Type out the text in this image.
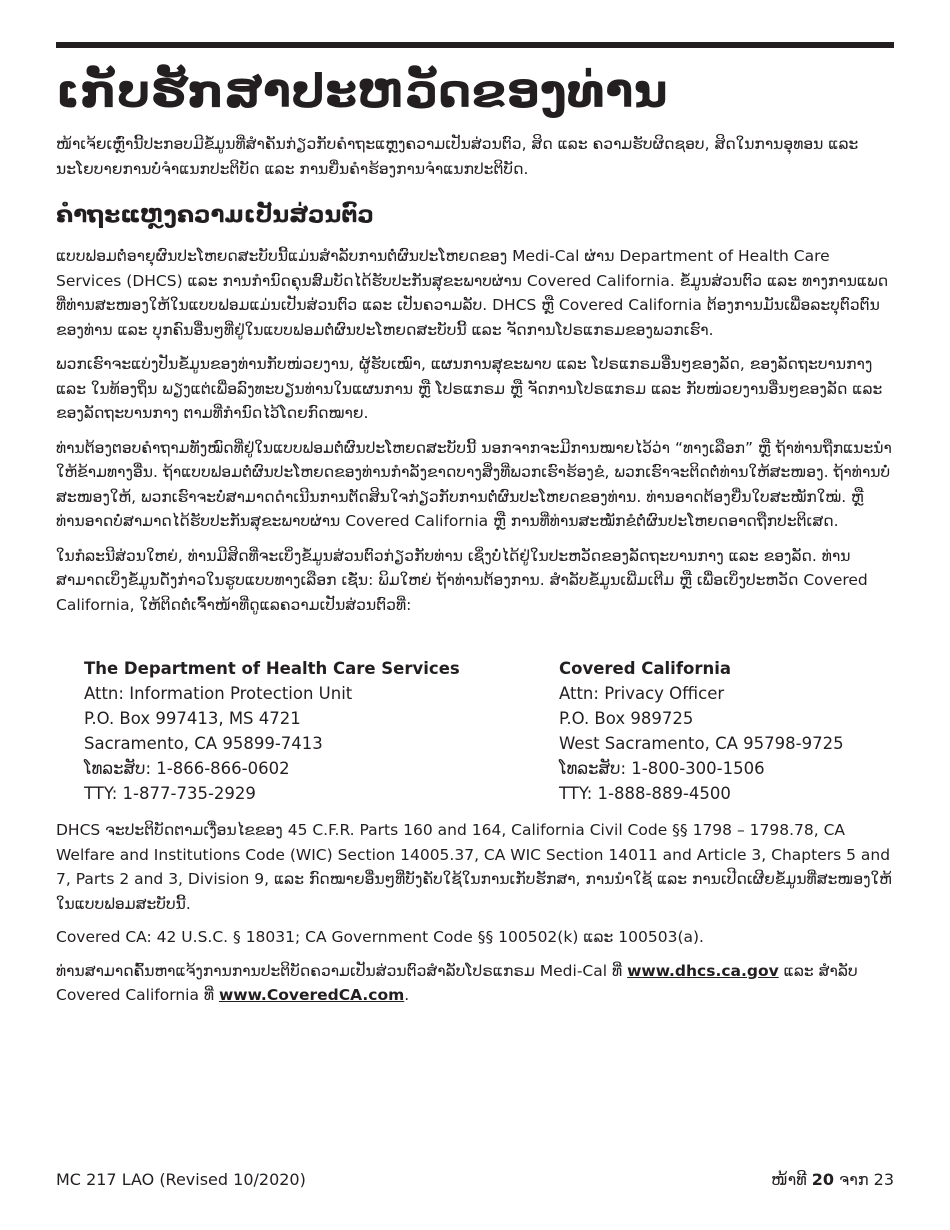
ເກັບຮັກສາປະຫວັດຂອງທ່ານ

ໜ້າເຈ້ຍເຫຼົ່ານີ້ປະກອບມີຂໍ້ມູນທີ່ສຳຄັນກ່ຽວກັບຄຳຖະແຫຼງຄວາມເປັນສ່ວນຕົວ, ສິດ ແລະ ຄວາມຮັບຜິດຊອບ, ສິດໃນການອຸທອນ ແລະ ນະໂຍບາຍການບໍ່ຈຳແນກປະຕິບັດ ແລະ ການຍື່ນຄຳຮ້ອງການຈຳແນກປະຕິບັດ.

ຄຳຖະແຫຼງຄວາມເປັນສ່ວນຕົວ

ແບບຟອມຕໍ່ອາຍຸຜົນປະໂຫຍດສະບັບນີ້ແມ່ນສຳລັບການຕໍ່ຜົນປະໂຫຍດຂອງ Medi-Cal ຜ່ານ Department of Health Care Services (DHCS) ແລະ ການກຳນົດຄຸນສົມບັດໄດ້ຮັບປະກັນສຸຂະພາບຜ່ານ Covered California. ຂໍ້ມູນສ່ວນຕົວ ແລະ ທາງການແພດທີ່ທ່ານສະໜອງໃຫ້ໃນແບບຟອມແມ່ນເປັນສ່ວນຕົວ ແລະ ເປັນຄວາມລັບ. DHCS ຫຼື Covered California ຕ້ອງການມັນເພື່ອລະບຸຕົວຕົນຂອງທ່ານ ແລະ ບຸກຄົນອື່ນໆທີ່ຢູ່ໃນແບບຟອມຕໍ່ຜົນປະໂຫຍດສະບັບນີ້ ແລະ ຈັດການໂປຣແກຣມຂອງພວກເຮົາ.

ພວກເຮົາຈະແບ່ງປັນຂໍ້ມູນຂອງທ່ານກັບໜ່ວຍງານ, ຜູ້ຮັບເໝົາ, ແຜນການສຸຂະພາບ ແລະ ໂປຣແກຣມອື່ນໆຂອງລັດ, ຂອງລັດຖະບານກາງ ແລະ ໃນທ້ອງຖິ່ນ ພຽງແຕ່ເພື່ອລົງທະບຽນທ່ານໃນແຜນການ ຫຼື ໂປຣແກຣມ ຫຼື ຈັດການໂປຣແກຣມ ແລະ ກັບໜ່ວຍງານອື່ນໆຂອງລັດ ແລະ ຂອງລັດຖະບານກາງ ຕາມທີ່ກຳນົດໄວ້ໂດຍກົດໝາຍ.

ທ່ານຕ້ອງຕອບຄຳຖາມທັງໝົດທີ່ຢູ່ໃນແບບຟອມຕໍ່ຜົນປະໂຫຍດສະບັບນີ້ ນອກຈາກຈະມີການໝາຍໄວ້ວ່າ “ທາງເລືອກ” ຫຼື ຖ້າທ່ານຖືກແນະນຳໃຫ້ຂ້າມທາງອື່ນ. ຖ້າແບບຟອມຕໍ່ຜົນປະໂຫຍດຂອງທ່ານກຳລັງຂາດບາງສິ່ງທີ່ພວກເຮົາຮ້ອງຂໍ, ພວກເຮົາຈະຕິດຕໍ່ທ່ານໃຫ້ສະໜອງ. ຖ້າທ່ານບໍ່ສະໜອງໃຫ້, ພວກເຮົາຈະບໍ່ສາມາດດຳເນີນການຕັດສິນໃຈກ່ຽວກັບການຕໍ່ຜົນປະໂຫຍດຂອງທ່ານ. ທ່ານອາດຕ້ອງຍື່ນໃບສະໝັກໃໝ່. ຫຼື ທ່ານອາດບໍ່ສາມາດໄດ້ຮັບປະກັນສຸຂະພາບຜ່ານ Covered California ຫຼື ການທີ່ທ່ານສະໝັກຂໍຕໍ່ຜົນປະໂຫຍດອາດຖືກປະຕິເສດ.

ໃນກໍລະນີສ່ວນໃຫຍ່, ທ່ານມີສິດທີ່ຈະເບິ່ງຂໍ້ມູນສ່ວນຕົວກ່ຽວກັບທ່ານ ເຊິ່ງບໍ່ໄດ້ຢູ່ໃນປະຫວັດຂອງລັດຖະບານກາງ ແລະ ຂອງລັດ. ທ່ານສາມາດເບິ່ງຂໍ້ມູນດັ່ງກ່າວໃນຮູບແບບທາງເລືອກ ເຊັ່ນ: ພິມໃຫຍ່ ຖ້າທ່ານຕ້ອງການ. ສຳລັບຂໍ້ມູນເພີ່ມເຕີມ ຫຼື ເພື່ອເບິ່ງປະຫວັດ Covered California, ໃຫ້ຕິດຕໍ່ເຈົ້າໜ້າທີ່ດູແລຄວາມເປັນສ່ວນຕົວທີ່:

The Department of Health Care Services
Attn: Information Protection Unit
P.O. Box 997413, MS 4721
Sacramento, CA 95899-7413
ໂທລະສັບ: 1-866-866-0602
TTY: 1-877-735-2929
Covered California
Attn: Privacy Officer
P.O. Box 989725
West Sacramento, CA 95798-9725
ໂທລະສັບ: 1-800-300-1506
TTY: 1-888-889-4500

DHCS ຈະປະຕິບັດຕາມເງື່ອນໄຂຂອງ 45 C.F.R. Parts 160 and 164, California Civil Code §§ 1798 – 1798.78, CA Welfare and Institutions Code (WIC) Section 14005.37, CA WIC Section 14011 and Article 3, Chapters 5 and 7, Parts 2 and 3, Division 9, ແລະ ກົດໝາຍອື່ນໆທີ່ບັງຄັບໃຊ້ໃນການເກັບຮັກສາ, ການນຳໃຊ້ ແລະ ການເປີດເຜີຍຂໍ້ມູນທີ່ສະໜອງໃຫ້ໃນແບບຟອມສະບັບນີ້.

Covered CA: 42 U.S.C. § 18031; CA Government Code §§ 100502(k) ແລະ 100503(a).

ທ່ານສາມາດຄົ້ນຫາແຈ້ງການການປະຕິບັດຄວາມເປັນສ່ວນຕົວສຳລັບໂປຣແກຣມ Medi-Cal ທີ່ www.dhcs.ca.gov ແລະ ສຳລັບ Covered California ທີ່ www.CoveredCA.com.

MC 217 LAO (Revised 10/2020)	ໜ້າທີ 20 ຈາກ 23
